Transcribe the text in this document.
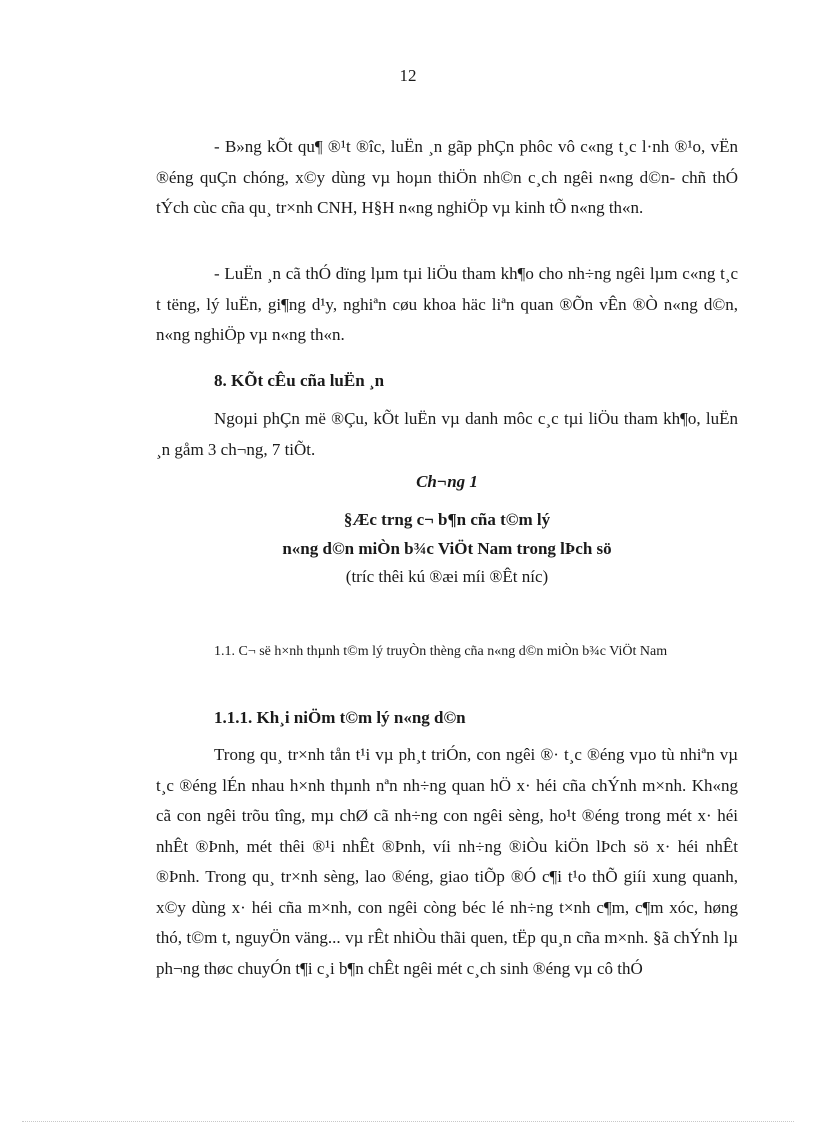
12

- B»ng kÕt qu¶ ®¹t ®îc, luËn ¸n gãp phÇn phôc vô c«ng t¸c l·nh ®¹o, vËn ®éng quÇn chóng, x©y dùng vµ hoµn thiÖn nh©n c¸ch ngêi n«ng d©n- chñ thÓ tÝch cùc cña qu¸ tr×nh CNH, H§H n«ng nghiÖp vµ kinh tÕ n«ng th«n.

- LuËn ¸n cã thÓ dïng lµm tµi liÖu tham kh¶o cho nh÷ng ngêi lµm c«ng t¸c t tëng, lý luËn, gi¶ng d¹y, nghiªn cøu khoa häc liªn quan ®Õn vÊn ®Ò n«ng d©n, n«ng nghiÖp vµ n«ng th«n.

8. KÕt cÊu cña luËn ¸n

Ngoµi phÇn më ®Çu, kÕt luËn vµ danh môc c¸c tµi liÖu tham kh¶o, luËn ¸n gåm 3 ch¬ng, 7 tiÕt.

Ch¬ng 1

§Æc trng c¬ b¶n cña t©m lý

n«ng d©n miÒn b¾c ViÖt Nam trong lÞch sö

(tríc thêi kú ®æi míi ®Êt níc)

1.1. C¬ së h×nh thµnh t©m lý truyÒn thèng cña n«ng d©n miÒn b¾c ViÖt Nam

1.1.1. Kh¸i niÖm t©m lý n«ng d©n

Trong qu¸ tr×nh tån t¹i vµ ph¸t triÓn, con ngêi ®· t¸c ®éng vµo tù nhiªn vµ t¸c ®éng lÉn nhau h×nh thµnh nªn nh÷ng quan hÖ x· héi cña chÝnh m×nh. Kh«ng cã con ngêi trõu tîng, mµ chØ cã nh÷ng con ngêi sèng, ho¹t ®éng trong mét x· héi nhÊt ®Þnh, mét thêi ®¹i nhÊt ®Þnh, víi nh÷ng ®iÒu kiÖn lÞch sö x· héi nhÊt ®Þnh. Trong qu¸ tr×nh sèng, lao ®éng, giao tiÕp ®Ó c¶i t¹o thÕ giíi xung quanh, x©y dùng x· héi cña m×nh, con ngêi còng béc lé nh÷ng t×nh c¶m, c¶m xóc, høng thó, t©m t, nguyÖn väng... vµ rÊt nhiÒu thãi quen, tËp qu¸n cña m×nh. §ã chÝnh lµ ph¬ng thøc chuyÓn t¶i c¸i b¶n chÊt ngêi mét c¸ch sinh ®éng vµ cô thÓ
